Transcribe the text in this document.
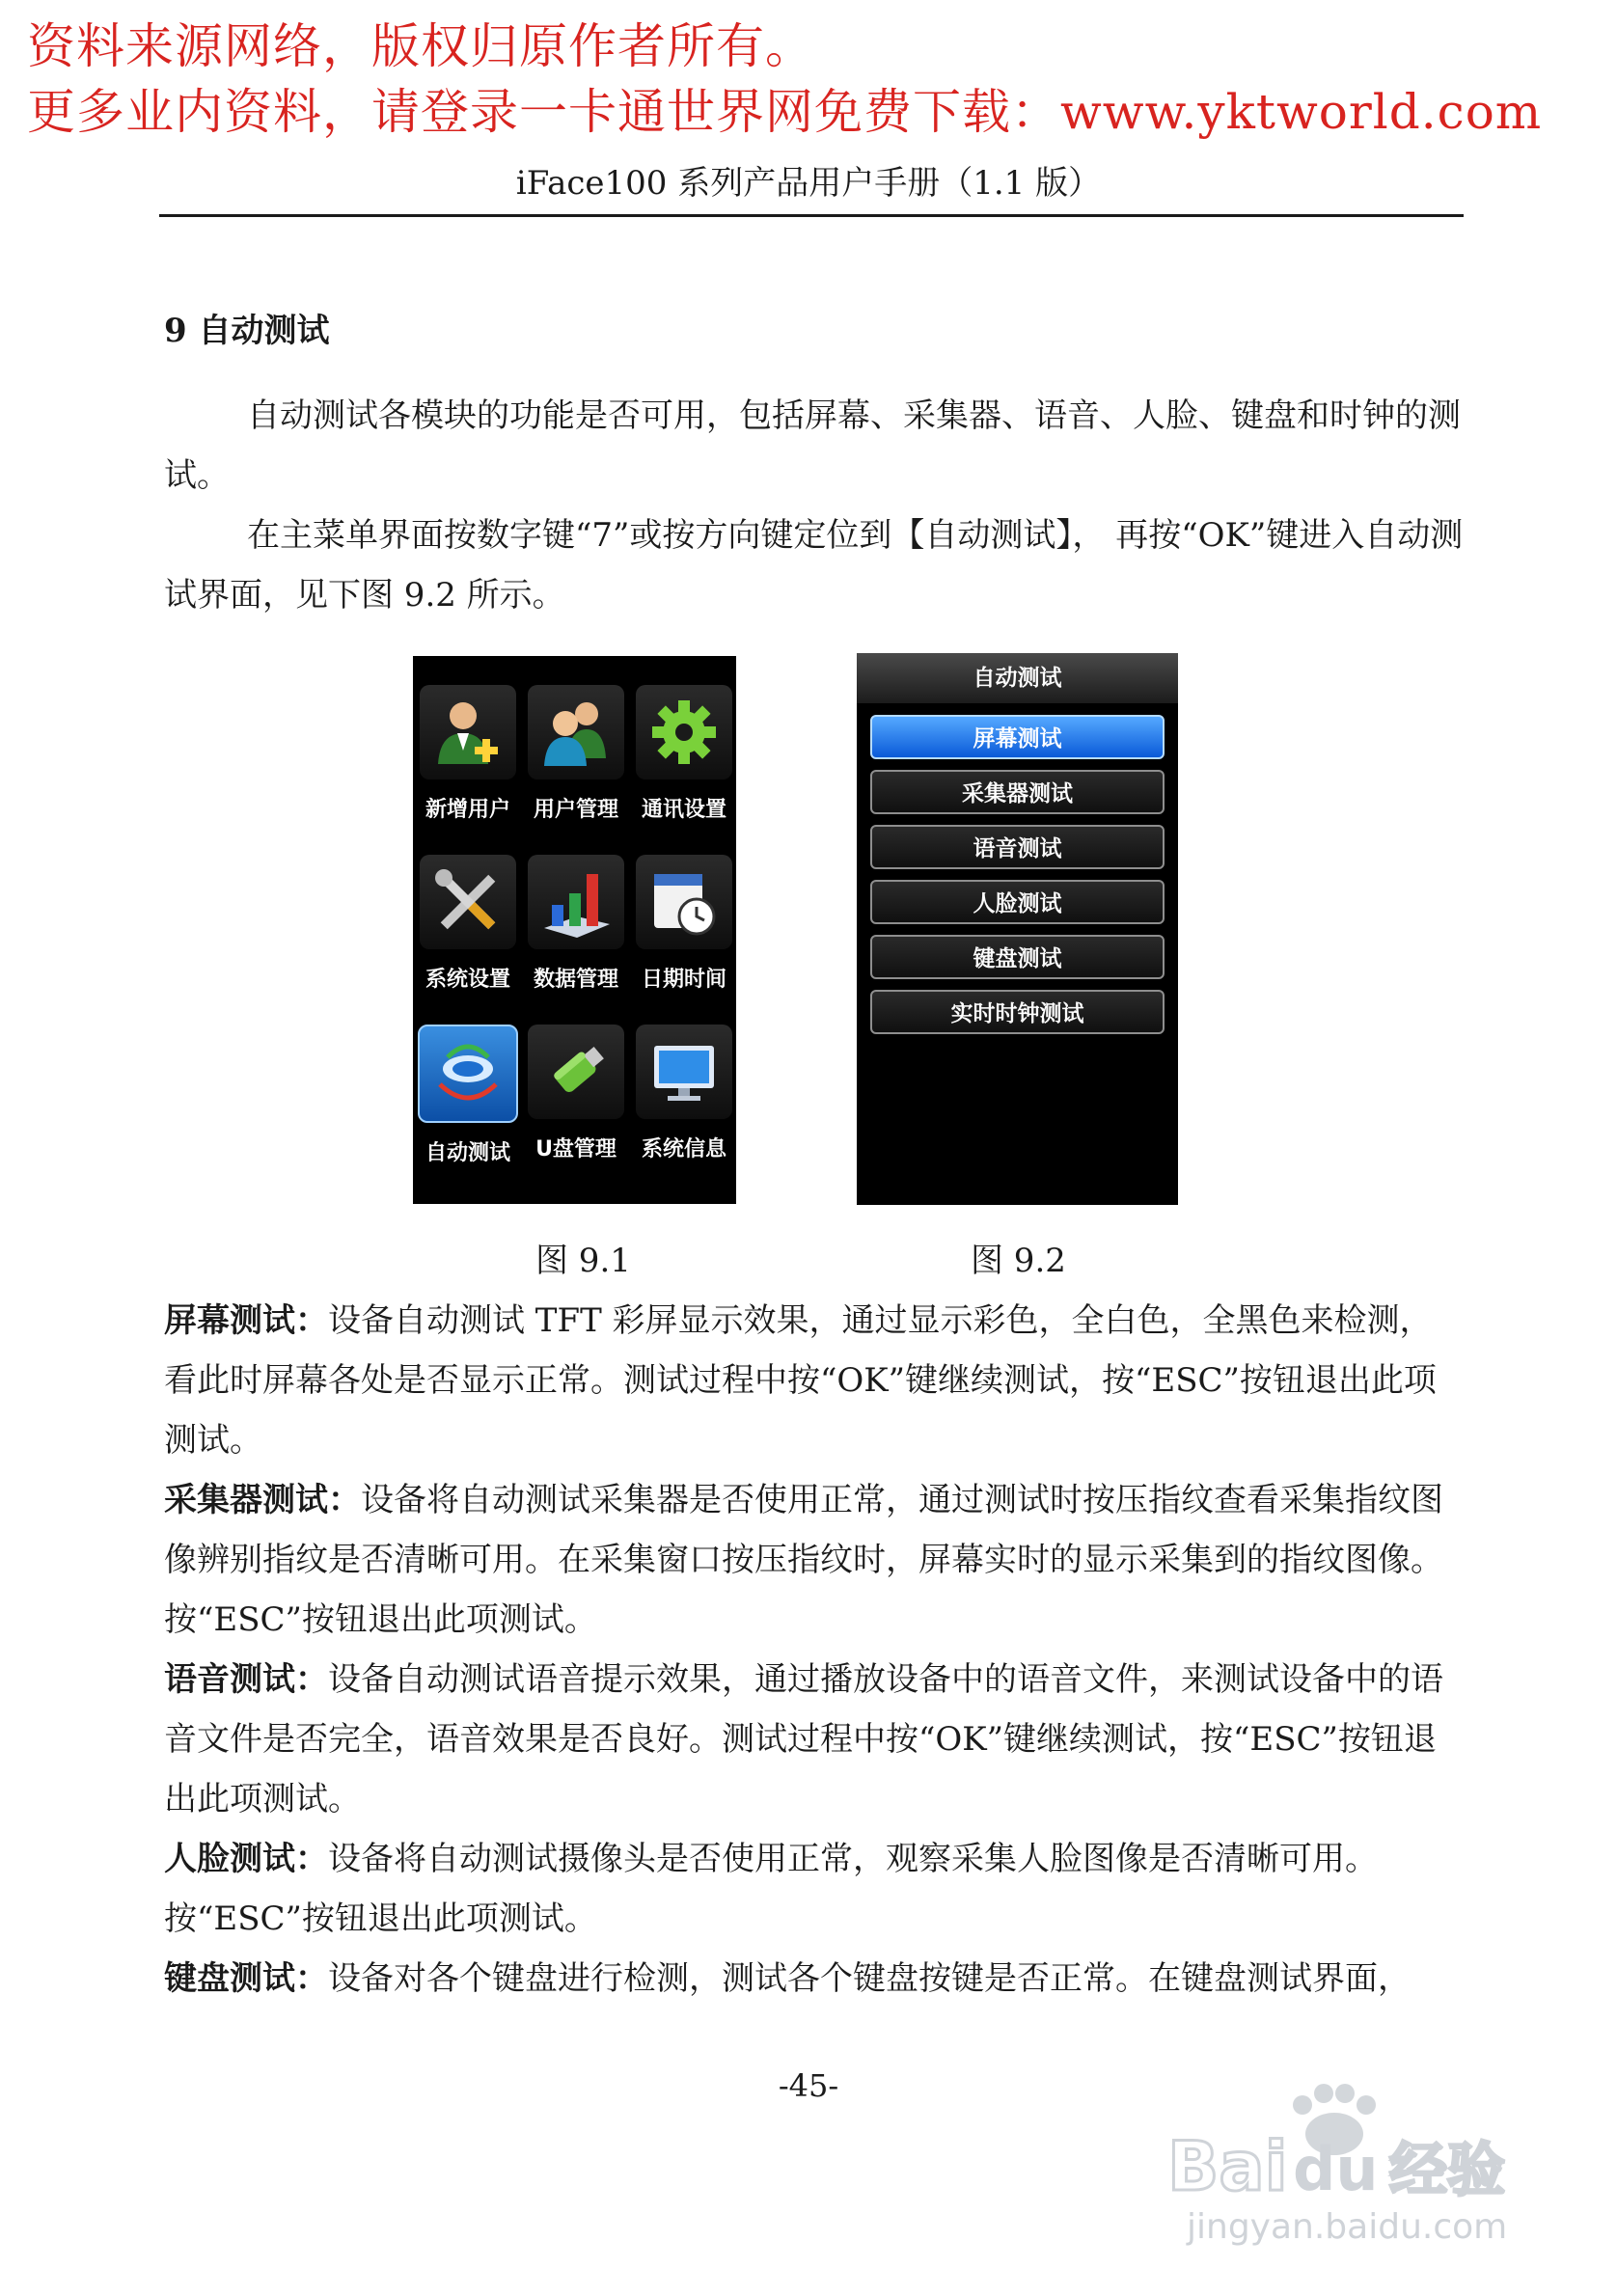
资料来源网络，版权归原作者所有。
更多业内资料，请登录一卡通世界网免费下载：www.yktworld.com
iFace100 系列产品用户手册（1.1 版）
9 自动测试

自动测试各模块的功能是否可用，包括屏幕、采集器、语音、人脸、键盘和时钟的测试。

在主菜单界面按数字键“7”或按方向键定位到【自动测试】， 再按“OK”键进入自动测试界面，见下图 9.2 所示。

新增用户	用户管理	通讯设置
系统设置	数据管理	日期时间
自动测试	U盘管理	系统信息
自动测试
屏幕测试
采集器测试
语音测试
人脸测试
键盘测试
实时时钟测试
图 9.1	图 9.2

屏幕测试：设备自动测试 TFT 彩屏显示效果，通过显示彩色，全白色，全黑色来检测，看此时屏幕各处是否显示正常。测试过程中按“OK”键继续测试，按“ESC”按钮退出此项测试。

采集器测试：设备将自动测试采集器是否使用正常，通过测试时按压指纹查看采集指纹图像辨别指纹是否清晰可用。在采集窗口按压指纹时，屏幕实时的显示采集到的指纹图像。按“ESC”按钮退出此项测试。

语音测试：设备自动测试语音提示效果，通过播放设备中的语音文件，来测试设备中的语音文件是否完全，语音效果是否良好。测试过程中按“OK”键继续测试，按“ESC”按钮退出此项测试。

人脸测试：设备将自动测试摄像头是否使用正常，观察采集人脸图像是否清晰可用。按“ESC”按钮退出此项测试。

键盘测试：设备对各个键盘进行检测，测试各个键盘按键是否正常。在键盘测试界面，

-45-
Bai du 经验
jingyan.baidu.com
